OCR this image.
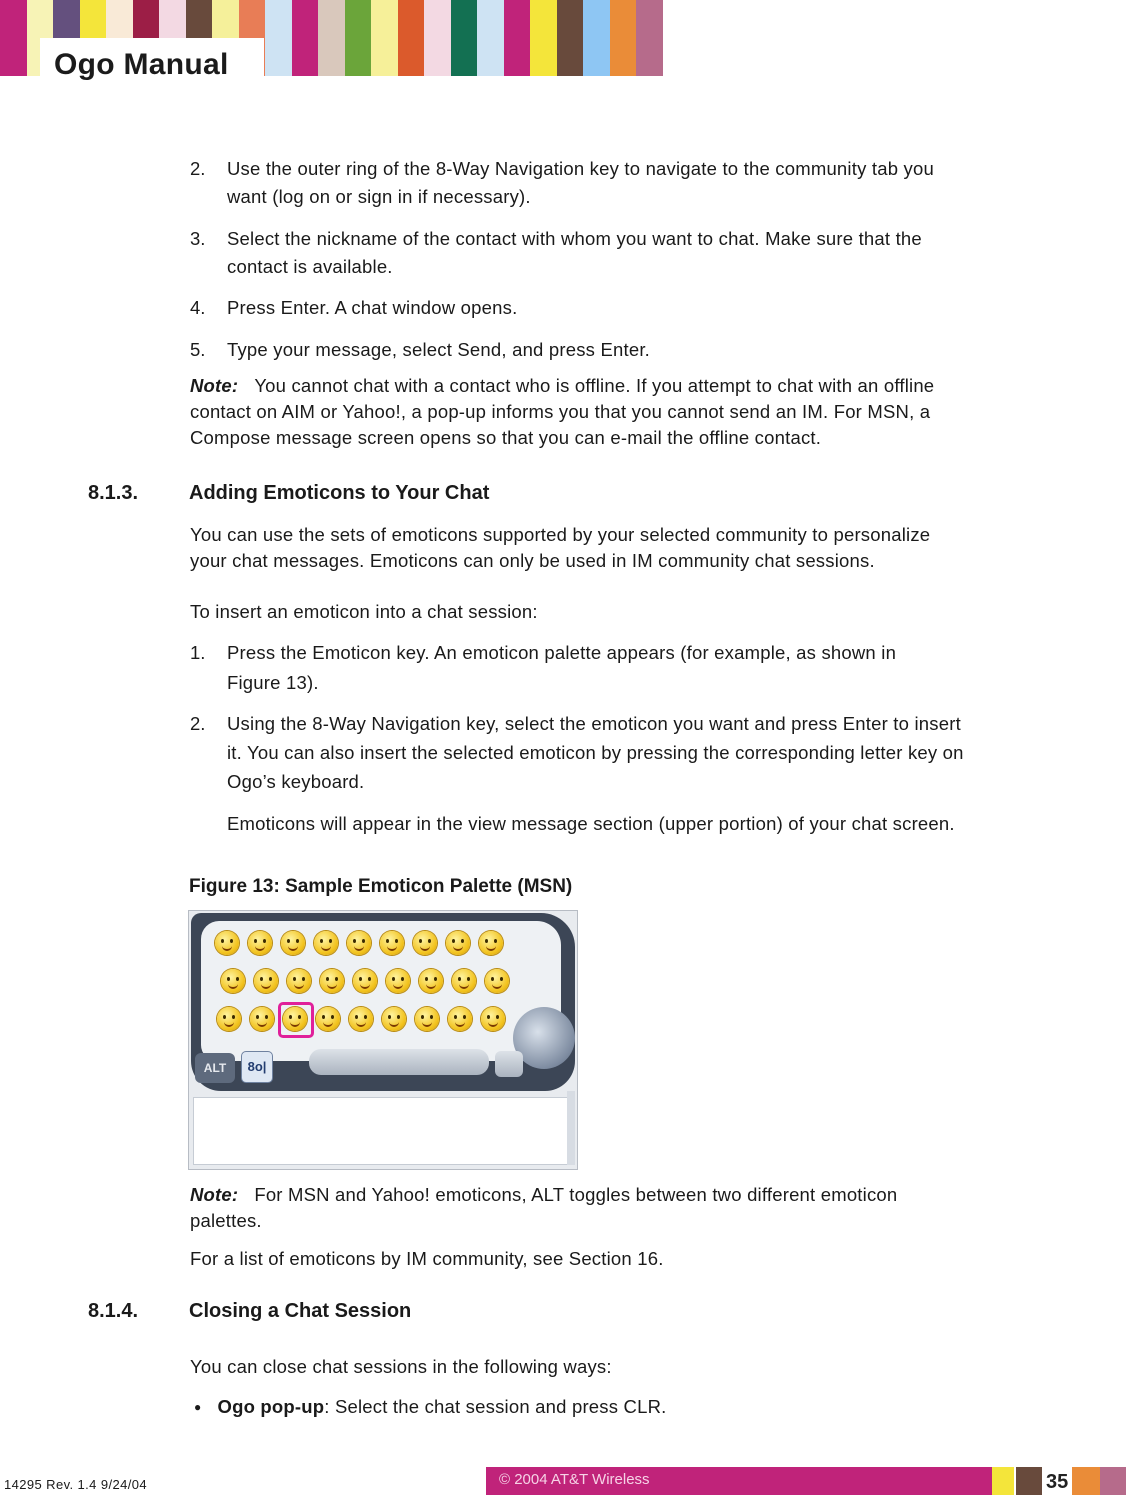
Ogo Manual
2. Use the outer ring of the 8-Way Navigation key to navigate to the community tab you
want (log on or sign in if necessary).
3. Select the nickname of the contact with whom you want to chat. Make sure that the
contact is available.
4. Press Enter. A chat window opens.
5. Type your message, select Send, and press Enter.
Note: You cannot chat with a contact who is offline. If you attempt to chat with an offline
contact on AIM or Yahoo!, a pop-up informs you that you cannot send an IM. For MSN, a
Compose message screen opens so that you can e-mail the offline contact.
8.1.3.	Adding Emoticons to Your Chat
You can use the sets of emoticons supported by your selected community to personalize
your chat messages. Emoticons can only be used in IM community chat sessions.
To insert an emoticon into a chat session:
1. Press the Emoticon key. An emoticon palette appears (for example, as shown in
Figure 13).
2. Using the 8-Way Navigation key, select the emoticon you want and press Enter to insert
it. You can also insert the selected emoticon by pressing the corresponding letter key on
Ogo’s keyboard.
Emoticons will appear in the view message section (upper portion) of your chat screen.
Figure 13: Sample Emoticon Palette (MSN)
ALT	8o|
Note: For MSN and Yahoo! emoticons, ALT toggles between two different emoticon
palettes.
For a list of emoticons by IM community, see Section 16.
8.1.4.	Closing a Chat Session
You can close chat sessions in the following ways:
● Ogo pop-up: Select the chat session and press CLR.
14295 Rev. 1.4 9/24/04	© 2004 AT&T Wireless	35
